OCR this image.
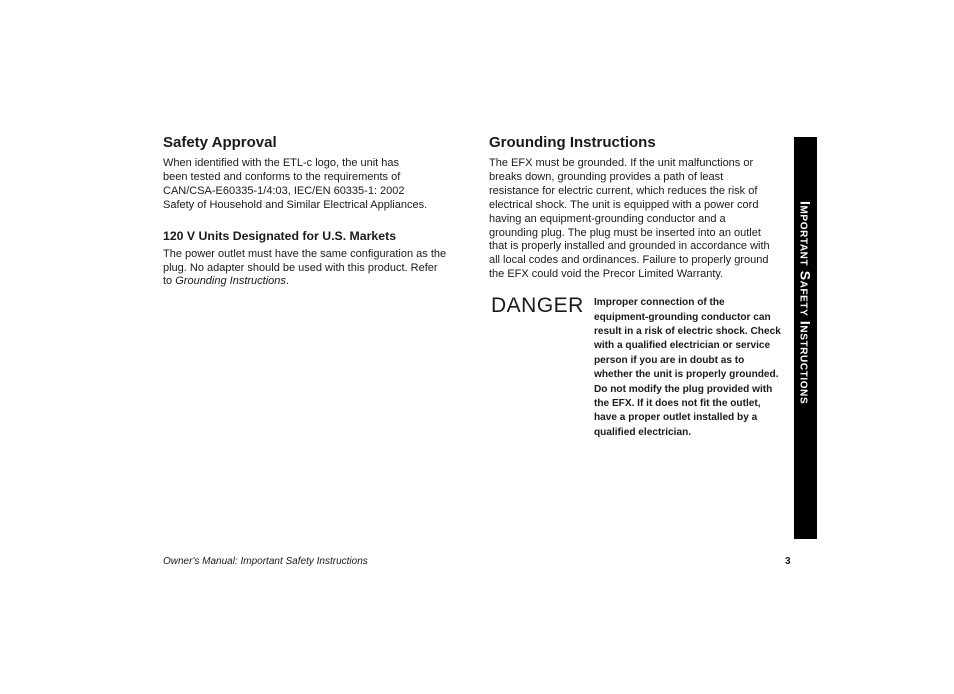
Safety Approval

When identified with the ETL-c logo, the unit has
been tested and conforms to the requirements of
CAN/CSA-E60335-1/4:03, IEC/EN 60335-1: 2002
Safety of Household and Similar Electrical Appliances.

120 V Units Designated for U.S. Markets

The power outlet must have the same configuration as the
plug. No adapter should be used with this product. Refer
to Grounding Instructions.

Grounding Instructions

The EFX must be grounded. If the unit malfunctions or
breaks down, grounding provides a path of least
resistance for electric current, which reduces the risk of
electrical shock. The unit is equipped with a power cord
having an equipment-grounding conductor and a
grounding plug. The plug must be inserted into an outlet
that is properly installed and grounded in accordance with
all local codes and ordinances. Failure to properly ground
the EFX could void the Precor Limited Warranty.

DANGER Improper connection of the
equipment-grounding conductor can
result in a risk of electric shock. Check
with a qualified electrician or service
person if you are in doubt as to
whether the unit is properly grounded.
Do not modify the plug provided with
the EFX. If it does not fit the outlet,
have a proper outlet installed by a
qualified electrician.

Important Safety Instructions
Owner's Manual: Important Safety Instructions	3
